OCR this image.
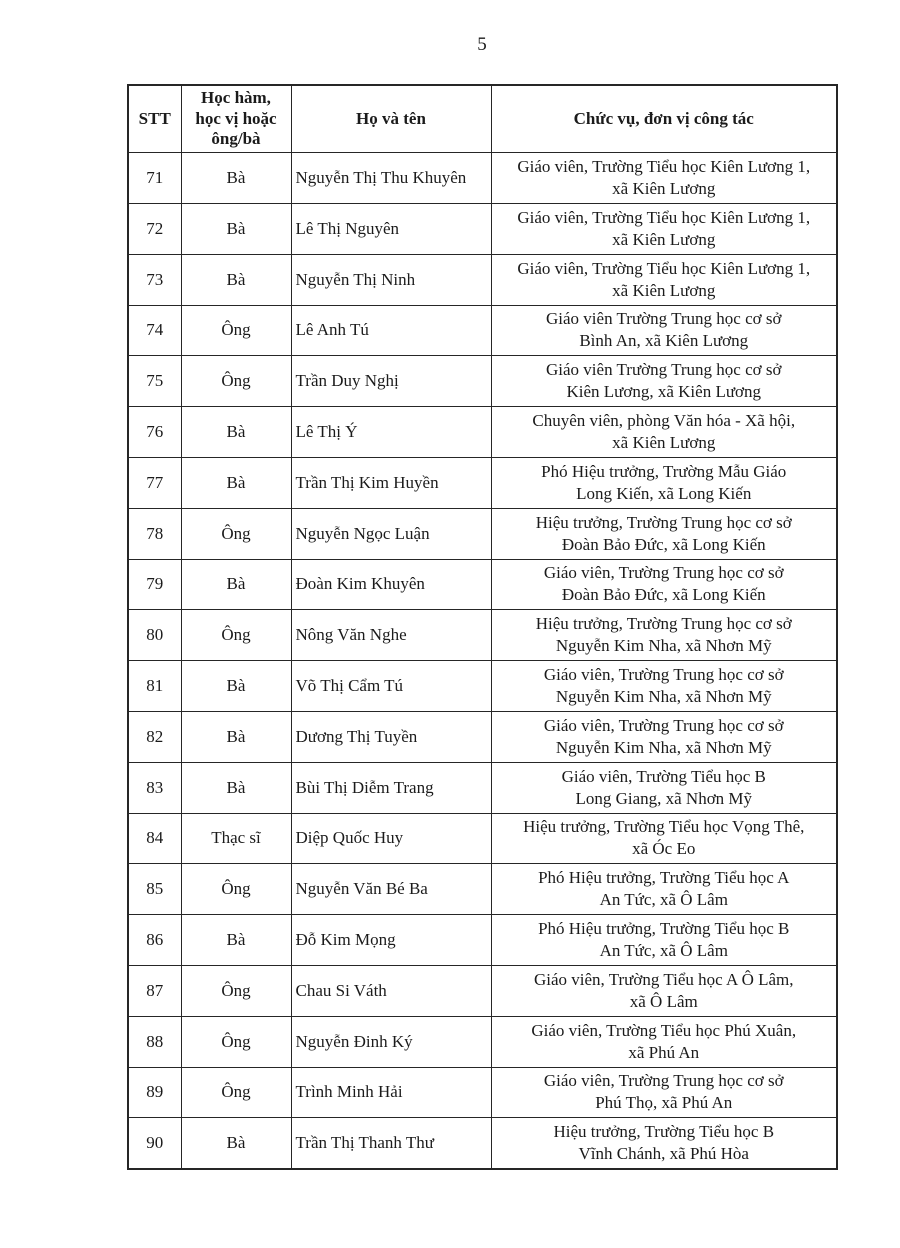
5
STT	Học hàm,
học vị hoặc
ông/bà	Họ và tên	Chức vụ, đơn vị công tác
71	Bà	Nguyễn Thị Thu Khuyên	Giáo viên, Trường Tiểu học Kiên Lương 1,
xã Kiên Lương
72	Bà	Lê Thị Nguyên	Giáo viên, Trường Tiểu học Kiên Lương 1,
xã Kiên Lương
73	Bà	Nguyễn Thị Ninh	Giáo viên, Trường Tiểu học Kiên Lương 1,
xã Kiên Lương
74	Ông	Lê Anh Tú	Giáo viên Trường Trung học cơ sở
Bình An, xã Kiên Lương
75	Ông	Trần Duy Nghị	Giáo viên Trường Trung học cơ sở
Kiên Lương, xã Kiên Lương
76	Bà	Lê Thị Ý	Chuyên viên, phòng Văn hóa - Xã hội,
xã Kiên Lương
77	Bà	Trần Thị Kim Huyền	Phó Hiệu trưởng, Trường Mẫu Giáo
Long Kiến, xã Long Kiến
78	Ông	Nguyễn Ngọc Luận	Hiệu trưởng, Trường Trung học cơ sở
Đoàn Bảo Đức, xã Long Kiến
79	Bà	Đoàn Kim Khuyên	Giáo viên, Trường Trung học cơ sở
Đoàn Bảo Đức, xã Long Kiến
80	Ông	Nông Văn Nghe	Hiệu trưởng, Trường Trung học cơ sở
Nguyễn Kim Nha, xã Nhơn Mỹ
81	Bà	Võ Thị Cẩm Tú	Giáo viên, Trường Trung học cơ sở
Nguyễn Kim Nha, xã Nhơn Mỹ
82	Bà	Dương Thị Tuyền	Giáo viên, Trường Trung học cơ sở
Nguyễn Kim Nha, xã Nhơn Mỹ
83	Bà	Bùi Thị Diễm Trang	Giáo viên, Trường Tiểu học B
Long Giang, xã Nhơn Mỹ
84	Thạc sĩ	Diệp Quốc Huy	Hiệu trưởng, Trường Tiểu học Vọng Thê,
xã Óc Eo
85	Ông	Nguyễn Văn Bé Ba	Phó Hiệu trưởng, Trường Tiểu học A
An Tức, xã Ô Lâm
86	Bà	Đỗ Kim Mọng	Phó Hiệu trưởng, Trường Tiểu học B
An Tức, xã Ô Lâm
87	Ông	Chau Si Váth	Giáo viên, Trường Tiểu học A Ô Lâm,
xã Ô Lâm
88	Ông	Nguyễn Đinh Ký	Giáo viên, Trường Tiểu học Phú Xuân,
xã Phú An
89	Ông	Trình Minh Hải	Giáo viên, Trường Trung học cơ sở
Phú Thọ, xã Phú An
90	Bà	Trần Thị Thanh Thư	Hiệu trưởng, Trường Tiểu học B
Vĩnh Chánh, xã Phú Hòa
